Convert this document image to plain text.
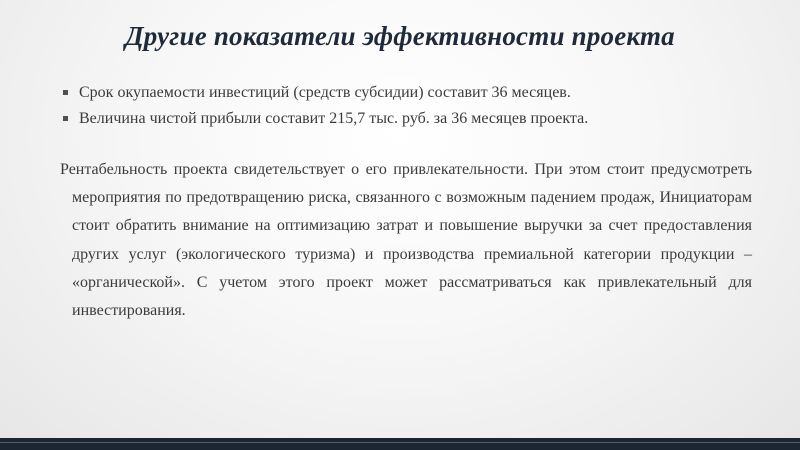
Другие показатели эффективности проекта
Срок окупаемости инвестиций (средств субсидии) составит 36 месяцев.
Величина чистой прибыли составит 215,7 тыс. руб. за 36 месяцев проекта.

Рентабельность проекта свидетельствует о его привлекательности. При этом стоит предусмотреть мероприятия по предотвращению риска, связанного с возможным падением продаж, Инициаторам стоит обратить внимание на оптимизацию затрат и повышение выручки за счет предоставления других услуг (экологического туризма) и производства премиальной категории продукции – «органической». С учетом этого проект может рассматриваться как привлекательный для инвестирования.
